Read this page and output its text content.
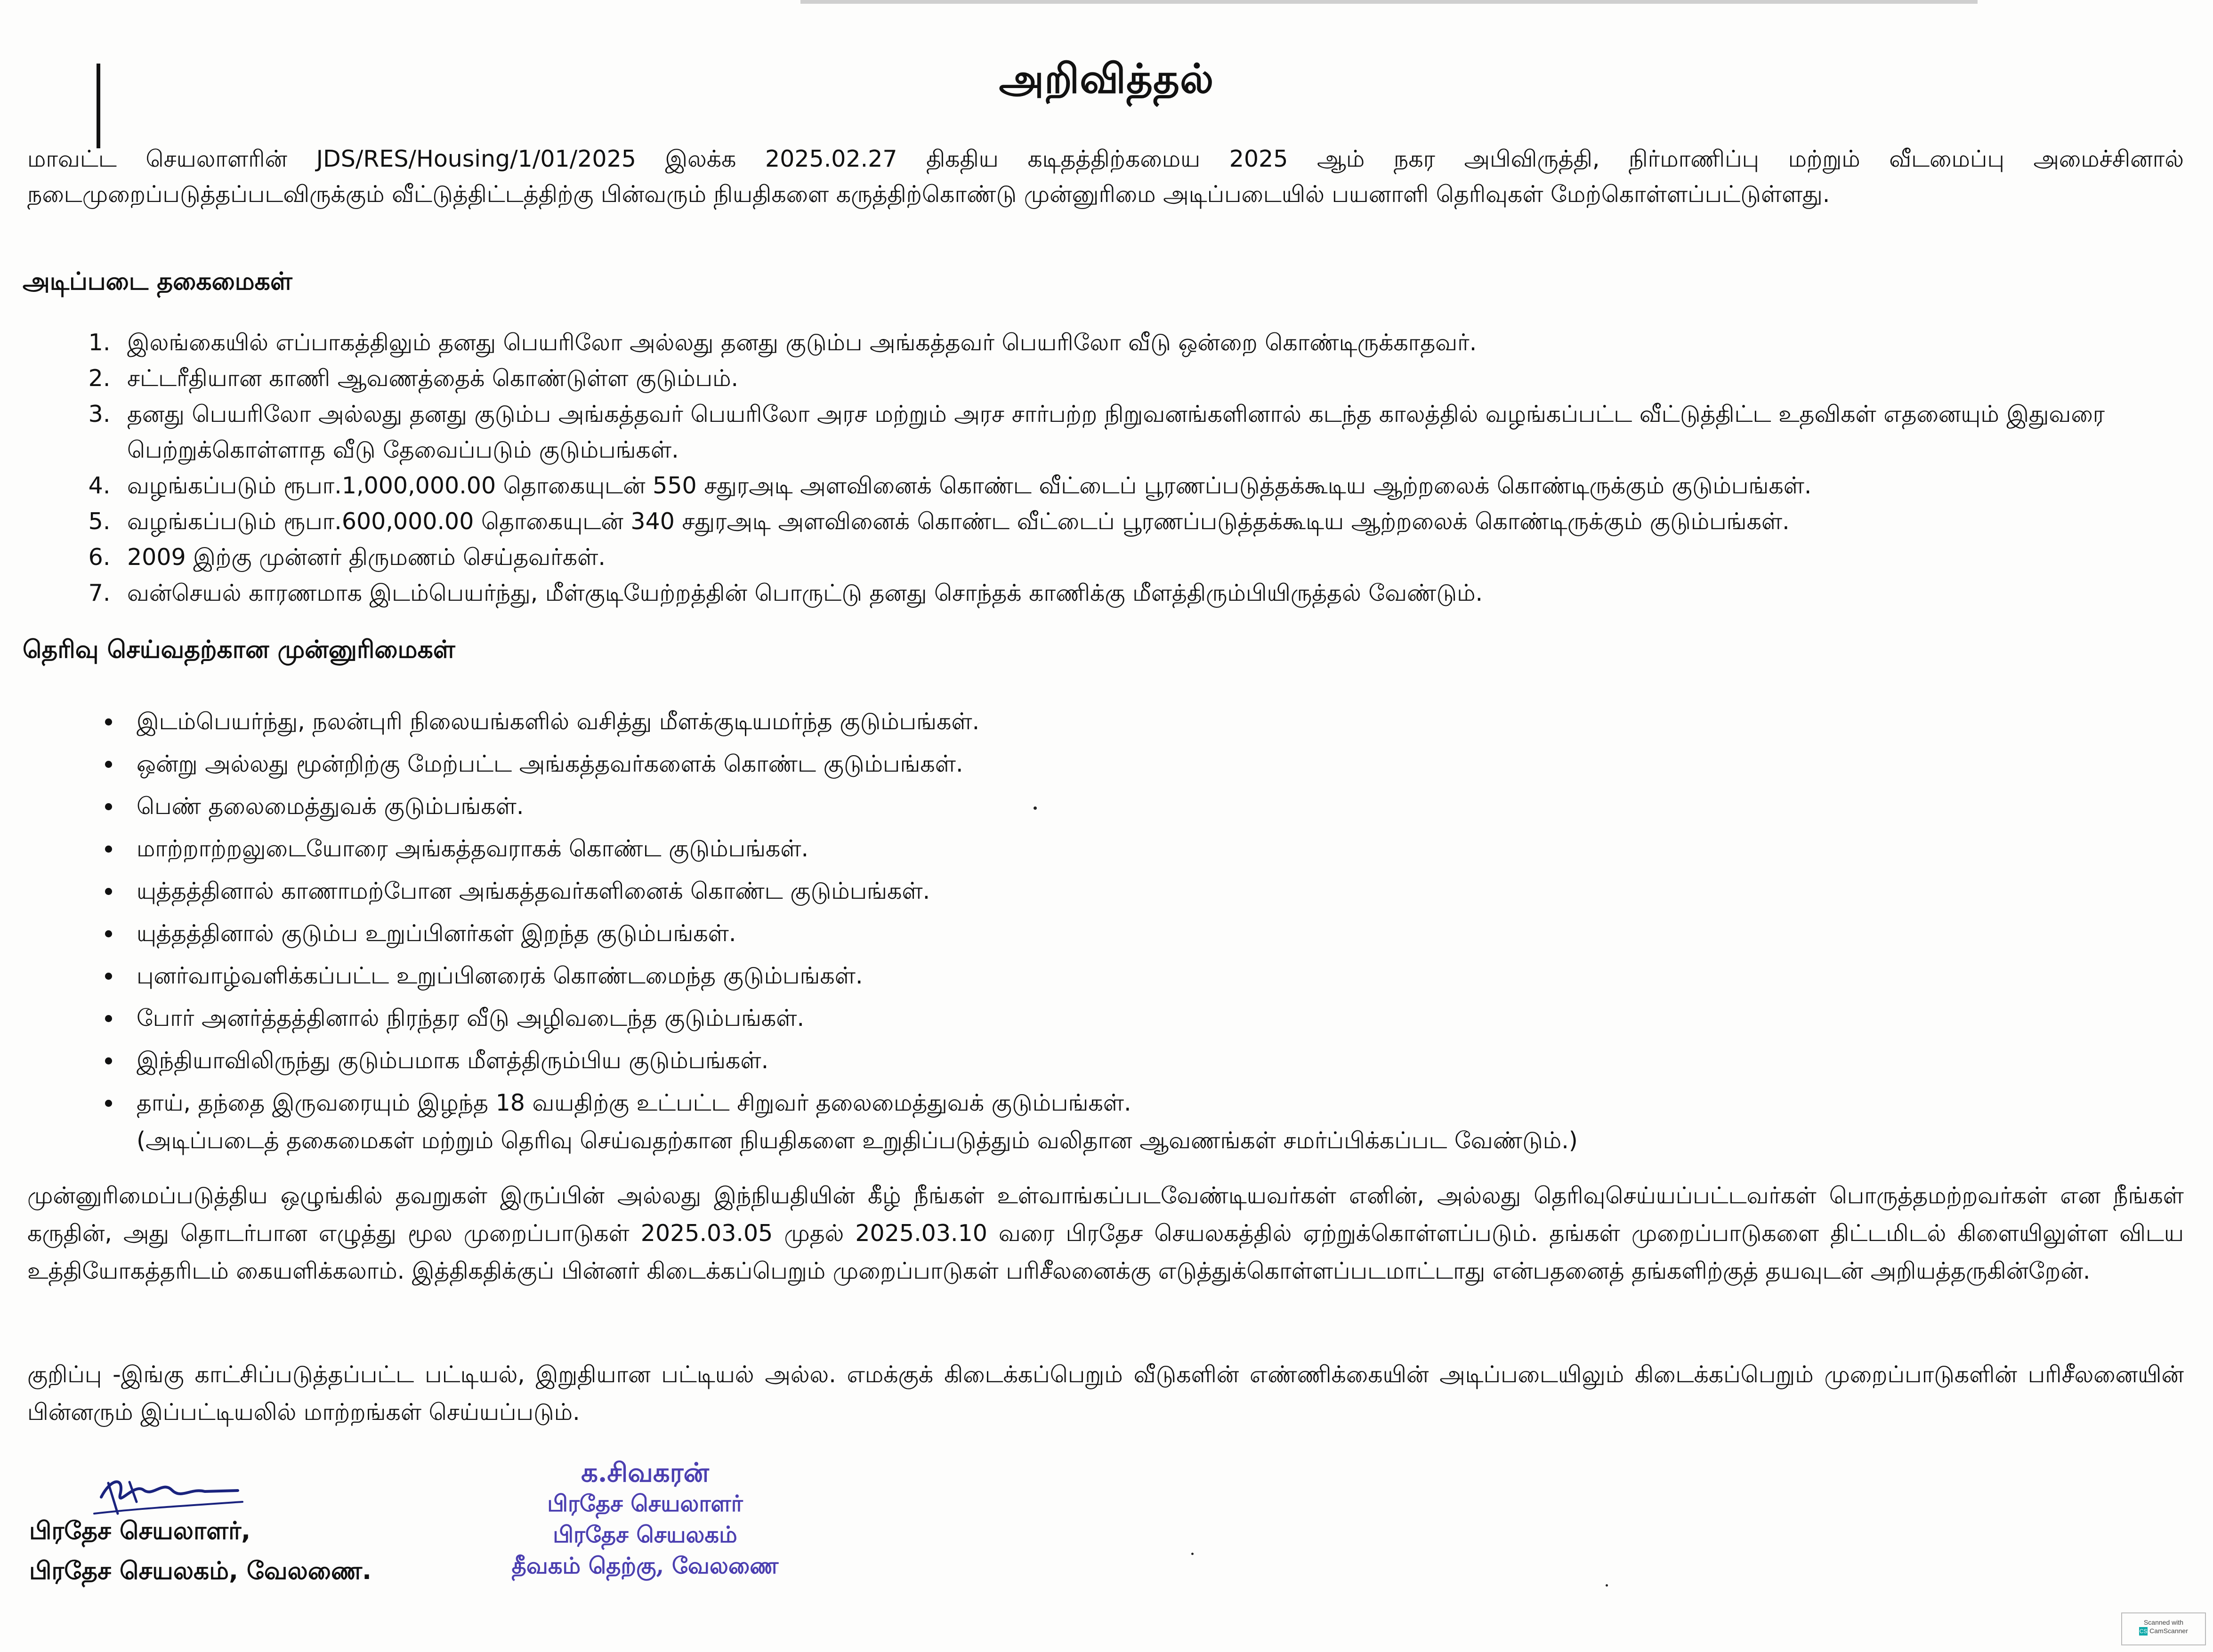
அறிவித்தல்

மாவட்ட செயலாளரின் JDS/RES/Housing/1/01/2025 இலக்க 2025.02.27 திகதிய கடிதத்திற்கமைய 2025 ஆம் நகர அபிவிருத்தி, நிர்மாணிப்பு மற்றும் வீடமைப்பு அமைச்சினால் நடைமுறைப்படுத்தப்படவிருக்கும் வீட்டுத்திட்டத்திற்கு பின்வரும் நியதிகளை கருத்திற்கொண்டு முன்னுரிமை அடிப்படையில் பயனாளி தெரிவுகள் மேற்கொள்ளப்பட்டுள்ளது.

அடிப்படை தகைமைகள்
1. இலங்கையில் எப்பாகத்திலும் தனது பெயரிலோ அல்லது தனது குடும்ப அங்கத்தவர் பெயரிலோ வீடு ஒன்றை கொண்டிருக்காதவர்.
2. சட்டரீதியான காணி ஆவணத்தைக் கொண்டுள்ள குடும்பம்.
3. தனது பெயரிலோ அல்லது தனது குடும்ப அங்கத்தவர் பெயரிலோ அரச மற்றும் அரச சார்பற்ற நிறுவனங்களினால் கடந்த காலத்தில் வழங்கப்பட்ட வீட்டுத்திட்ட உதவிகள் எதனையும் இதுவரை பெற்றுக்கொள்ளாத வீடு தேவைப்படும் குடும்பங்கள்.
4. வழங்கப்படும் ரூபா.1,000,000.00 தொகையுடன் 550 சதுரஅடி அளவினைக் கொண்ட வீட்டைப் பூரணப்படுத்தக்கூடிய ஆற்றலைக் கொண்டிருக்கும் குடும்பங்கள்.
5. வழங்கப்படும் ரூபா.600,000.00 தொகையுடன் 340 சதுரஅடி அளவினைக் கொண்ட வீட்டைப் பூரணப்படுத்தக்கூடிய ஆற்றலைக் கொண்டிருக்கும் குடும்பங்கள்.
6. 2009 இற்கு முன்னர் திருமணம் செய்தவர்கள்.
7. வன்செயல் காரணமாக இடம்பெயர்ந்து, மீள்குடியேற்றத்தின் பொருட்டு தனது சொந்தக் காணிக்கு மீளத்திரும்பியிருத்தல் வேண்டும்.
தெரிவு செய்வதற்கான முன்னுரிமைகள்
• இடம்பெயர்ந்து, நலன்புரி நிலையங்களில் வசித்து மீளக்குடியமர்ந்த குடும்பங்கள்.
• ஒன்று அல்லது மூன்றிற்கு மேற்பட்ட அங்கத்தவர்களைக் கொண்ட குடும்பங்கள்.
• பெண் தலைமைத்துவக் குடும்பங்கள்.
• மாற்றாற்றலுடையோரை அங்கத்தவராகக் கொண்ட குடும்பங்கள்.
• யுத்தத்தினால் காணாமற்போன அங்கத்தவர்களினைக் கொண்ட குடும்பங்கள்.
• யுத்தத்தினால் குடும்ப உறுப்பினர்கள் இறந்த குடும்பங்கள்.
• புனர்வாழ்வளிக்கப்பட்ட உறுப்பினரைக் கொண்டமைந்த குடும்பங்கள்.
• போர் அனர்த்தத்தினால் நிரந்தர வீடு அழிவடைந்த குடும்பங்கள்.
• இந்தியாவிலிருந்து குடும்பமாக மீளத்திரும்பிய குடும்பங்கள்.
• தாய், தந்தை இருவரையும் இழந்த 18 வயதிற்கு உட்பட்ட சிறுவர் தலைமைத்துவக் குடும்பங்கள்.
(அடிப்படைத் தகைமைகள் மற்றும் தெரிவு செய்வதற்கான நியதிகளை உறுதிப்படுத்தும் வலிதான ஆவணங்கள் சமர்ப்பிக்கப்பட வேண்டும்.)

முன்னுரிமைப்படுத்திய ஒழுங்கில் தவறுகள் இருப்பின் அல்லது இந்நியதியின் கீழ் நீங்கள் உள்வாங்கப்படவேண்டியவர்கள் எனின், அல்லது தெரிவுசெய்யப்பட்டவர்கள் பொருத்தமற்றவர்கள் என நீங்கள் கருதின், அது தொடர்பான எழுத்து மூல முறைப்பாடுகள் 2025.03.05 முதல் 2025.03.10 வரை பிரதேச செயலகத்தில் ஏற்றுக்கொள்ளப்படும். தங்கள் முறைப்பாடுகளை திட்டமிடல் கிளையிலுள்ள விடய உத்தியோகத்தரிடம் கையளிக்கலாம். இத்திகதிக்குப் பின்னர் கிடைக்கப்பெறும் முறைப்பாடுகள் பரிசீலனைக்கு எடுத்துக்கொள்ளப்படமாட்டாது என்பதனைத் தங்களிற்குத் தயவுடன் அறியத்தருகின்றேன்.

குறிப்பு -இங்கு காட்சிப்படுத்தப்பட்ட பட்டியல், இறுதியான பட்டியல் அல்ல. எமக்குக் கிடைக்கப்பெறும் வீடுகளின் எண்ணிக்கையின் அடிப்படையிலும் கிடைக்கப்பெறும் முறைப்பாடுகளின் பரிசீலனையின் பின்னரும் இப்பட்டியலில் மாற்றங்கள் செய்யப்படும்.

பிரதேச செயலாளர்,
பிரதேச செயலகம், வேலணை.
க.சிவகரன்
பிரதேச செயலாளர்
பிரதேச செயலகம்
தீவகம் தெற்கு, வேலணை
Scanned with
CS CamScanner
